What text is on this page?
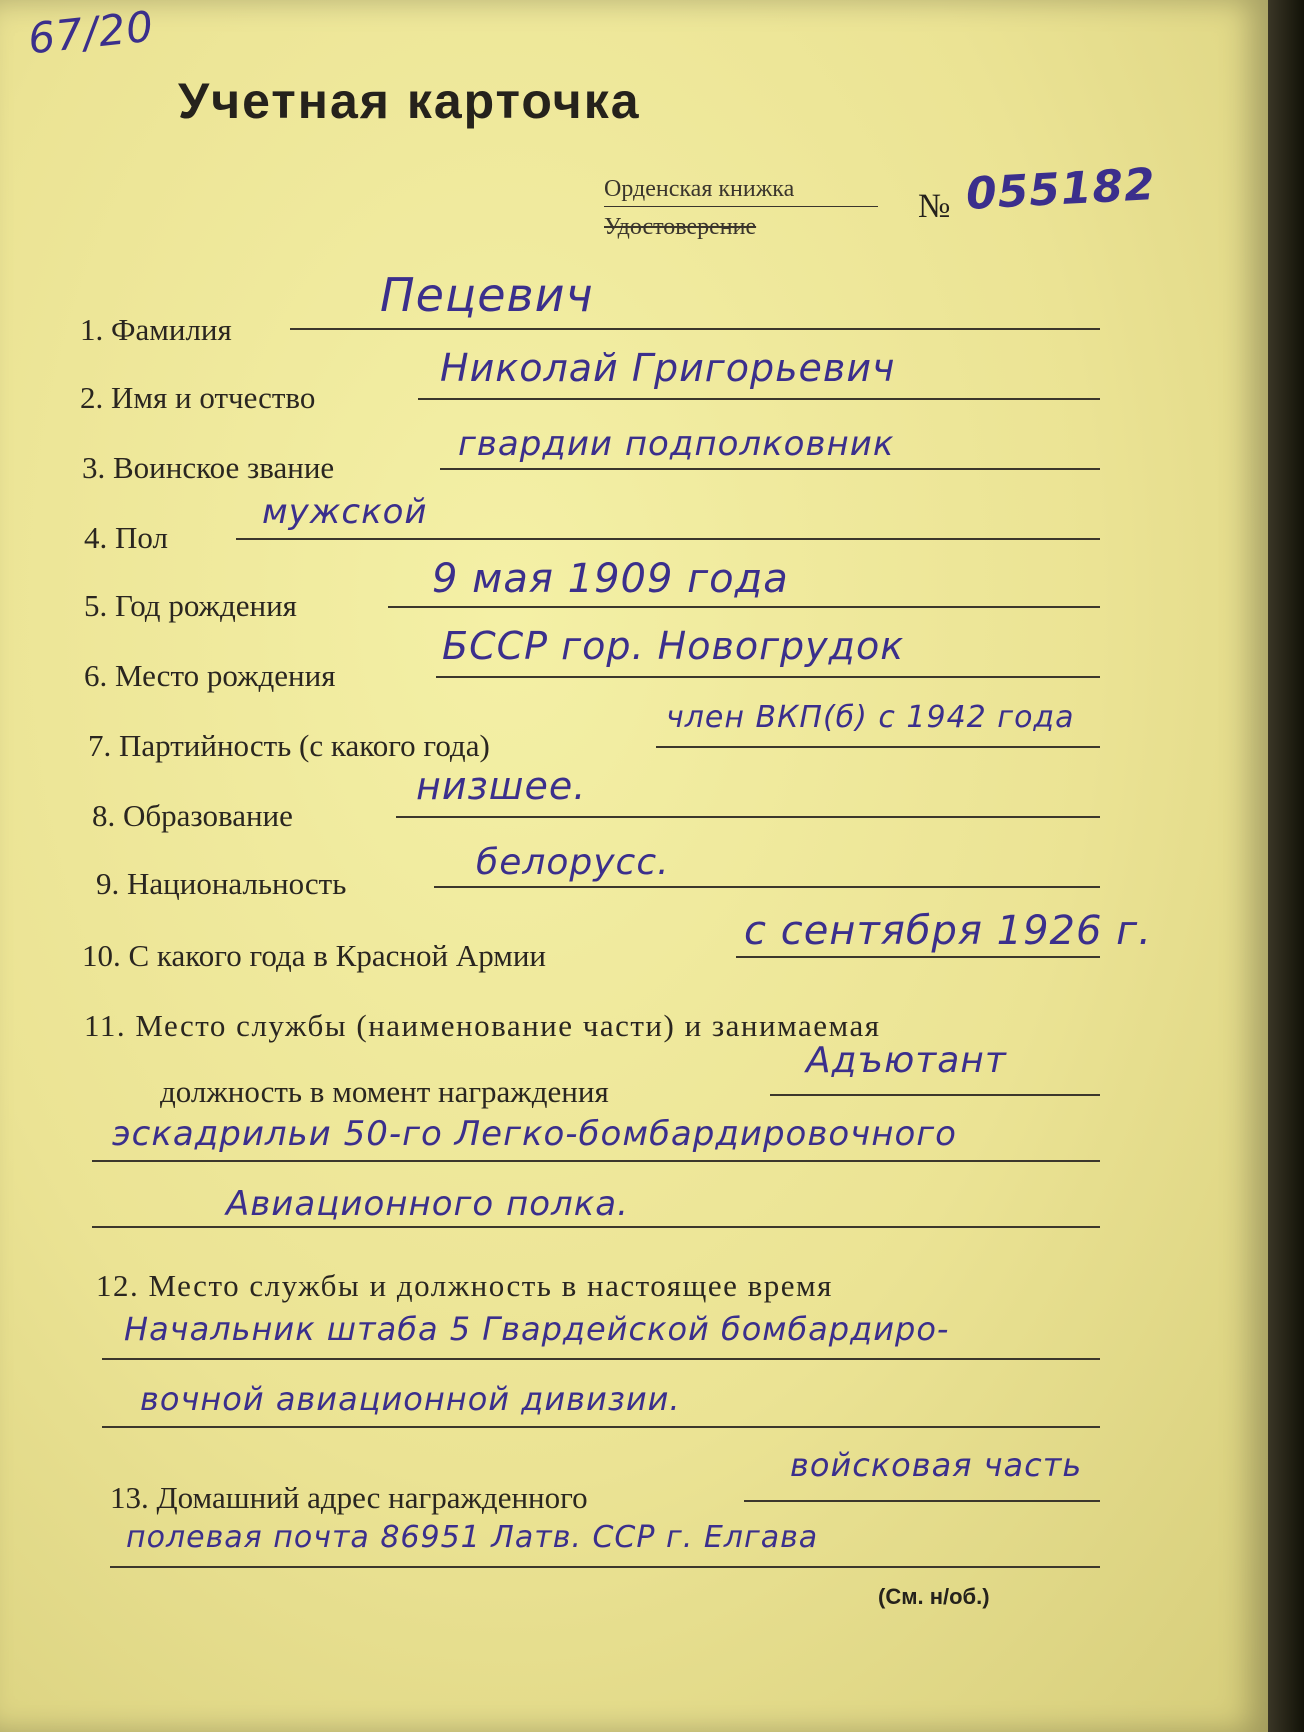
67/20
Учетная карточка
Орденская книжка
Удостоверение
№ 055182
1. Фамилия
Пецевич
2. Имя и отчество
Николай Григорьевич
3. Воинское звание
гвардии подполковник
4. Пол
мужской
5. Год рождения
9 мая 1909 года
6. Место рождения
БССР гор. Новогрудок
7. Партийность (с какого года)
член ВКП(б) с 1942 года
8. Образование
низшее.
9. Национальность
белорусс.
10. С какого года в Красной Армии
с сентября 1926 г.
11. Место службы (наименование части) и занимаемая
должность в момент награждения
Адъютант
эскадрильи 50-го Легко-бомбардировочного
Авиационного полка.
12. Место службы и должность в настоящее время
Начальник штаба 5 Гвардейской бомбардиро-
вочной авиационной дивизии.
войсковая часть
13. Домашний адрес награжденного
полевая почта 86951 Латв. ССР г. Елгава
(См. н/об.)
